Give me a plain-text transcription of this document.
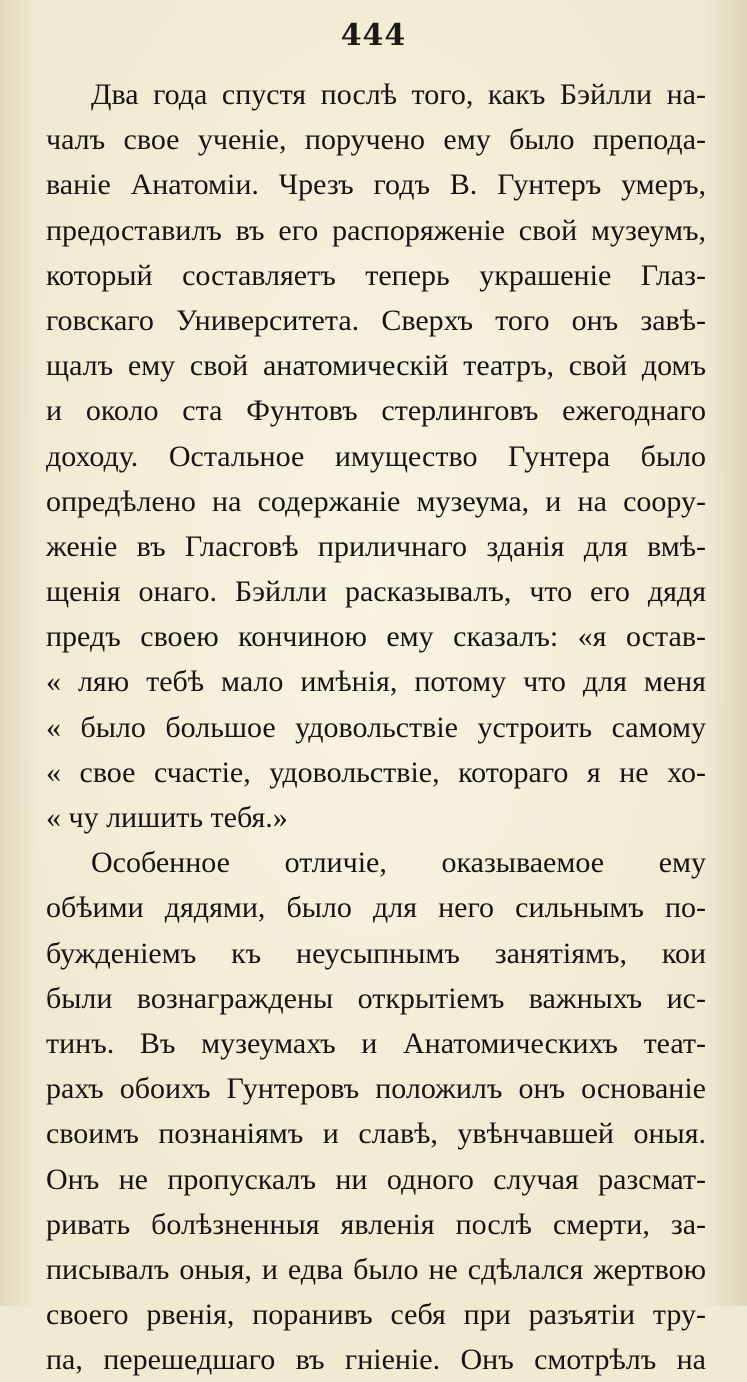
444
Два года спустя послѣ того, какъ Бэйлли на-
чалъ свое ученіе, поручено ему было препода-
ваніе Анатоміи. Чрезъ годъ В. Гунтеръ умеръ,
предоставилъ въ его распоряженіе свой музеумъ,
который составляетъ теперь украшеніе Глаз-
говскаго Университета. Сверхъ того онъ завѣ-
щалъ ему свой анатомическій театръ, свой домъ
и около ста Фунтовъ стерлинговъ ежегоднаго
доходу. Остальное имущество Гунтера было
опредѣлено на содержаніе музеума, и на соору-
женіе въ Гласговѣ приличнаго зданія для вмѣ-
щенія онаго. Бэйлли расказывалъ, что его дядя
предъ своею кончиною ему сказалъ: «я остав-
« ляю тебѣ мало имѣнія, потому что для меня
« было большое удовольствіе устроить самому
« свое счастіе, удовольствіе, котораго я не хо-
« чу лишить тебя.»
Особенное отличіе, оказываемое ему
обѣими дядями, было для него сильнымъ по-
бужденіемъ къ неусыпнымъ занятіямъ, кои
были вознаграждены открытіемъ важныхъ ис-
тинъ. Въ музеумахъ и Анатомическихъ теат-
рахъ обоихъ Гунтеровъ положилъ онъ основаніе
своимъ познаніямъ и славѣ, увѣнчавшей оныя.
Онъ не пропускалъ ни одного случая разсмат-
ривать болѣзненныя явленія послѣ смерти, за-
писывалъ оныя, и едва было не сдѣлался жертвою
своего рвенія, поранивъ себя при разъятіи тру-
па, перешедшаго въ гніеніе. Онъ смотрѣлъ на
